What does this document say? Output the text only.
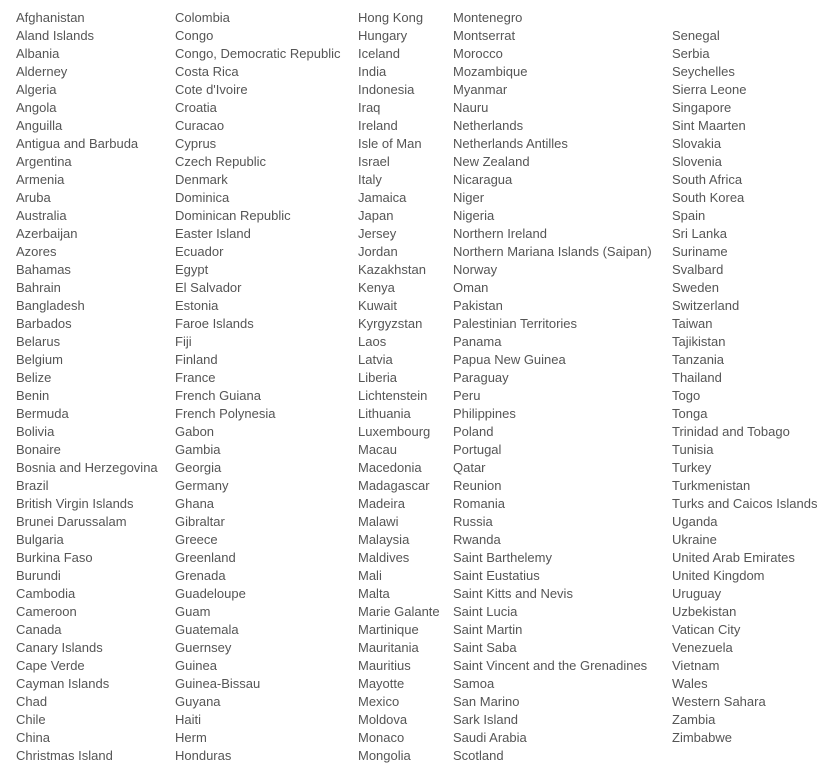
Afghanistan
Aland Islands
Albania
Alderney
Algeria
Angola
Anguilla
Antigua and Barbuda
Argentina
Armenia
Aruba
Australia
Azerbaijan
Azores
Bahamas
Bahrain
Bangladesh
Barbados
Belarus
Belgium
Belize
Benin
Bermuda
Bolivia
Bonaire
Bosnia and Herzegovina
Brazil
British Virgin Islands
Brunei Darussalam
Bulgaria
Burkina Faso
Burundi
Cambodia
Cameroon
Canada
Canary Islands
Cape Verde
Cayman Islands
Chad
Chile
China
Christmas Island
Colombia
Congo
Congo, Democratic Republic
Costa Rica
Cote d'Ivoire
Croatia
Curacao
Cyprus
Czech Republic
Denmark
Dominica
Dominican Republic
Easter Island
Ecuador
Egypt
El Salvador
Estonia
Faroe Islands
Fiji
Finland
France
French Guiana
French Polynesia
Gabon
Gambia
Georgia
Germany
Ghana
Gibraltar
Greece
Greenland
Grenada
Guadeloupe
Guam
Guatemala
Guernsey
Guinea
Guinea-Bissau
Guyana
Haiti
Herm
Honduras
Hong Kong
Hungary
Iceland
India
Indonesia
Iraq
Ireland
Isle of Man
Israel
Italy
Jamaica
Japan
Jersey
Jordan
Kazakhstan
Kenya
Kuwait
Kyrgyzstan
Laos
Latvia
Liberia
Lichtenstein
Lithuania
Luxembourg
Macau
Macedonia
Madagascar
Madeira
Malawi
Malaysia
Maldives
Mali
Malta
Marie Galante
Martinique
Mauritania
Mauritius
Mayotte
Mexico
Moldova
Monaco
Mongolia
Montenegro
Montserrat
Morocco
Mozambique
Myanmar
Nauru
Netherlands
Netherlands Antilles
New Zealand
Nicaragua
Niger
Nigeria
Northern Ireland
Northern Mariana Islands (Saipan)
Norway
Oman
Pakistan
Palestinian Territories
Panama
Papua New Guinea
Paraguay
Peru
Philippines
Poland
Portugal
Qatar
Reunion
Romania
Russia
Rwanda
Saint Barthelemy
Saint Eustatius
Saint Kitts and Nevis
Saint Lucia
Saint Martin
Saint Saba
Saint Vincent and the Grenadines
Samoa
San Marino
Sark Island
Saudi Arabia
Scotland
Senegal
Serbia
Seychelles
Sierra Leone
Singapore
Sint Maarten
Slovakia
Slovenia
South Africa
South Korea
Spain
Sri Lanka
Suriname
Svalbard
Sweden
Switzerland
Taiwan
Tajikistan
Tanzania
Thailand
Togo
Tonga
Trinidad and Tobago
Tunisia
Turkey
Turkmenistan
Turks and Caicos Islands
Uganda
Ukraine
United Arab Emirates
United Kingdom
Uruguay
Uzbekistan
Vatican City
Venezuela
Vietnam
Wales
Western Sahara
Zambia
Zimbabwe
